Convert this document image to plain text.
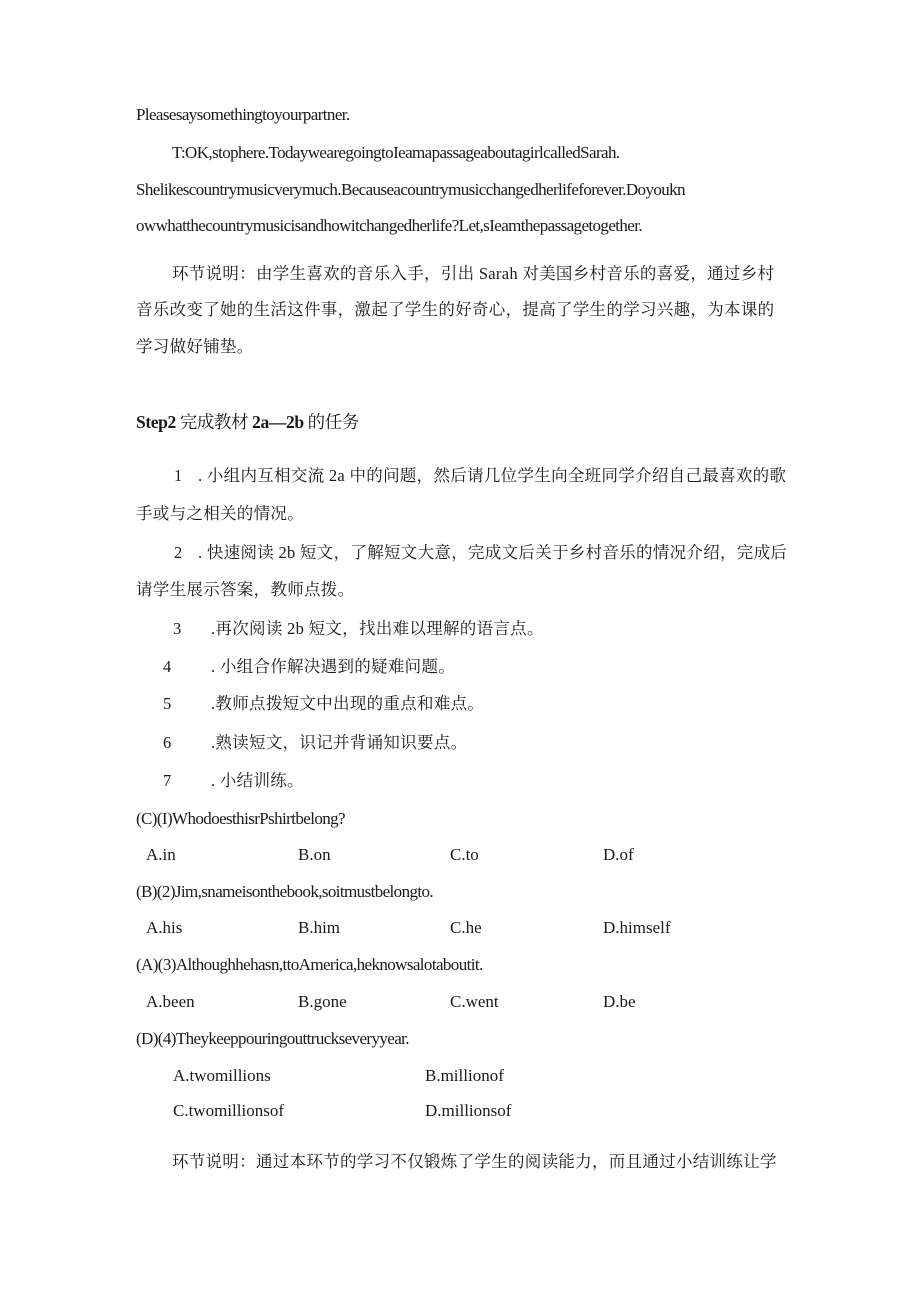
Pleasesaysomethingtoyourpartner.
T:OK,stophere.TodaywearegoingtoIeamapassageaboutagirlcalledSarah.
Shelikescountrymusicverymuch.Becauseacountrymusicchangedherlifeforever.Doyoukn
owwhatthecountrymusicisandhowitchangedherlife?Let,sIeamthepassagetogether.
环节说明：由学生喜欢的音乐入手，引出 Sarah 对美国乡村音乐的喜爱，通过乡村
音乐改变了她的生活这件事，激起了学生的好奇心，提高了学生的学习兴趣，为本课的
学习做好铺垫。
Step2 完成教材 2a—2b 的任务
1 . 小组内互相交流 2a 中的问题，然后请几位学生向全班同学介绍自己最喜欢的歌
手或与之相关的情况。
2 . 快速阅读 2b 短文，了解短文大意，完成文后关于乡村音乐的情况介绍，完成后
请学生展示答案，教师点拨。
3 .再次阅读 2b 短文，找出难以理解的语言点。
4 . 小组合作解决遇到的疑难问题。
5 .教师点拨短文中出现的重点和难点。
6 .熟读短文，识记并背诵知识要点。
7 . 小结训练。
(C)(I)WhodoesthisrPshirtbelong?
A.in	B.on	C.to	D.of
(B)(2)Jim,snameisonthebook,soitmustbelongto.
A.his	B.him	C.he	D.himself
(A)(3)Althoughhehasn,ttoAmerica,heknowsalotaboutit.
A.been	B.gone	C.went	D.be
(D)(4)Theykeeppouringouttruckseveryyear.
A.twomillions	B.millionof
C.twomillionsof	D.millionsof
环节说明：通过本环节的学习不仅锻炼了学生的阅读能力，而且通过小结训练让学
